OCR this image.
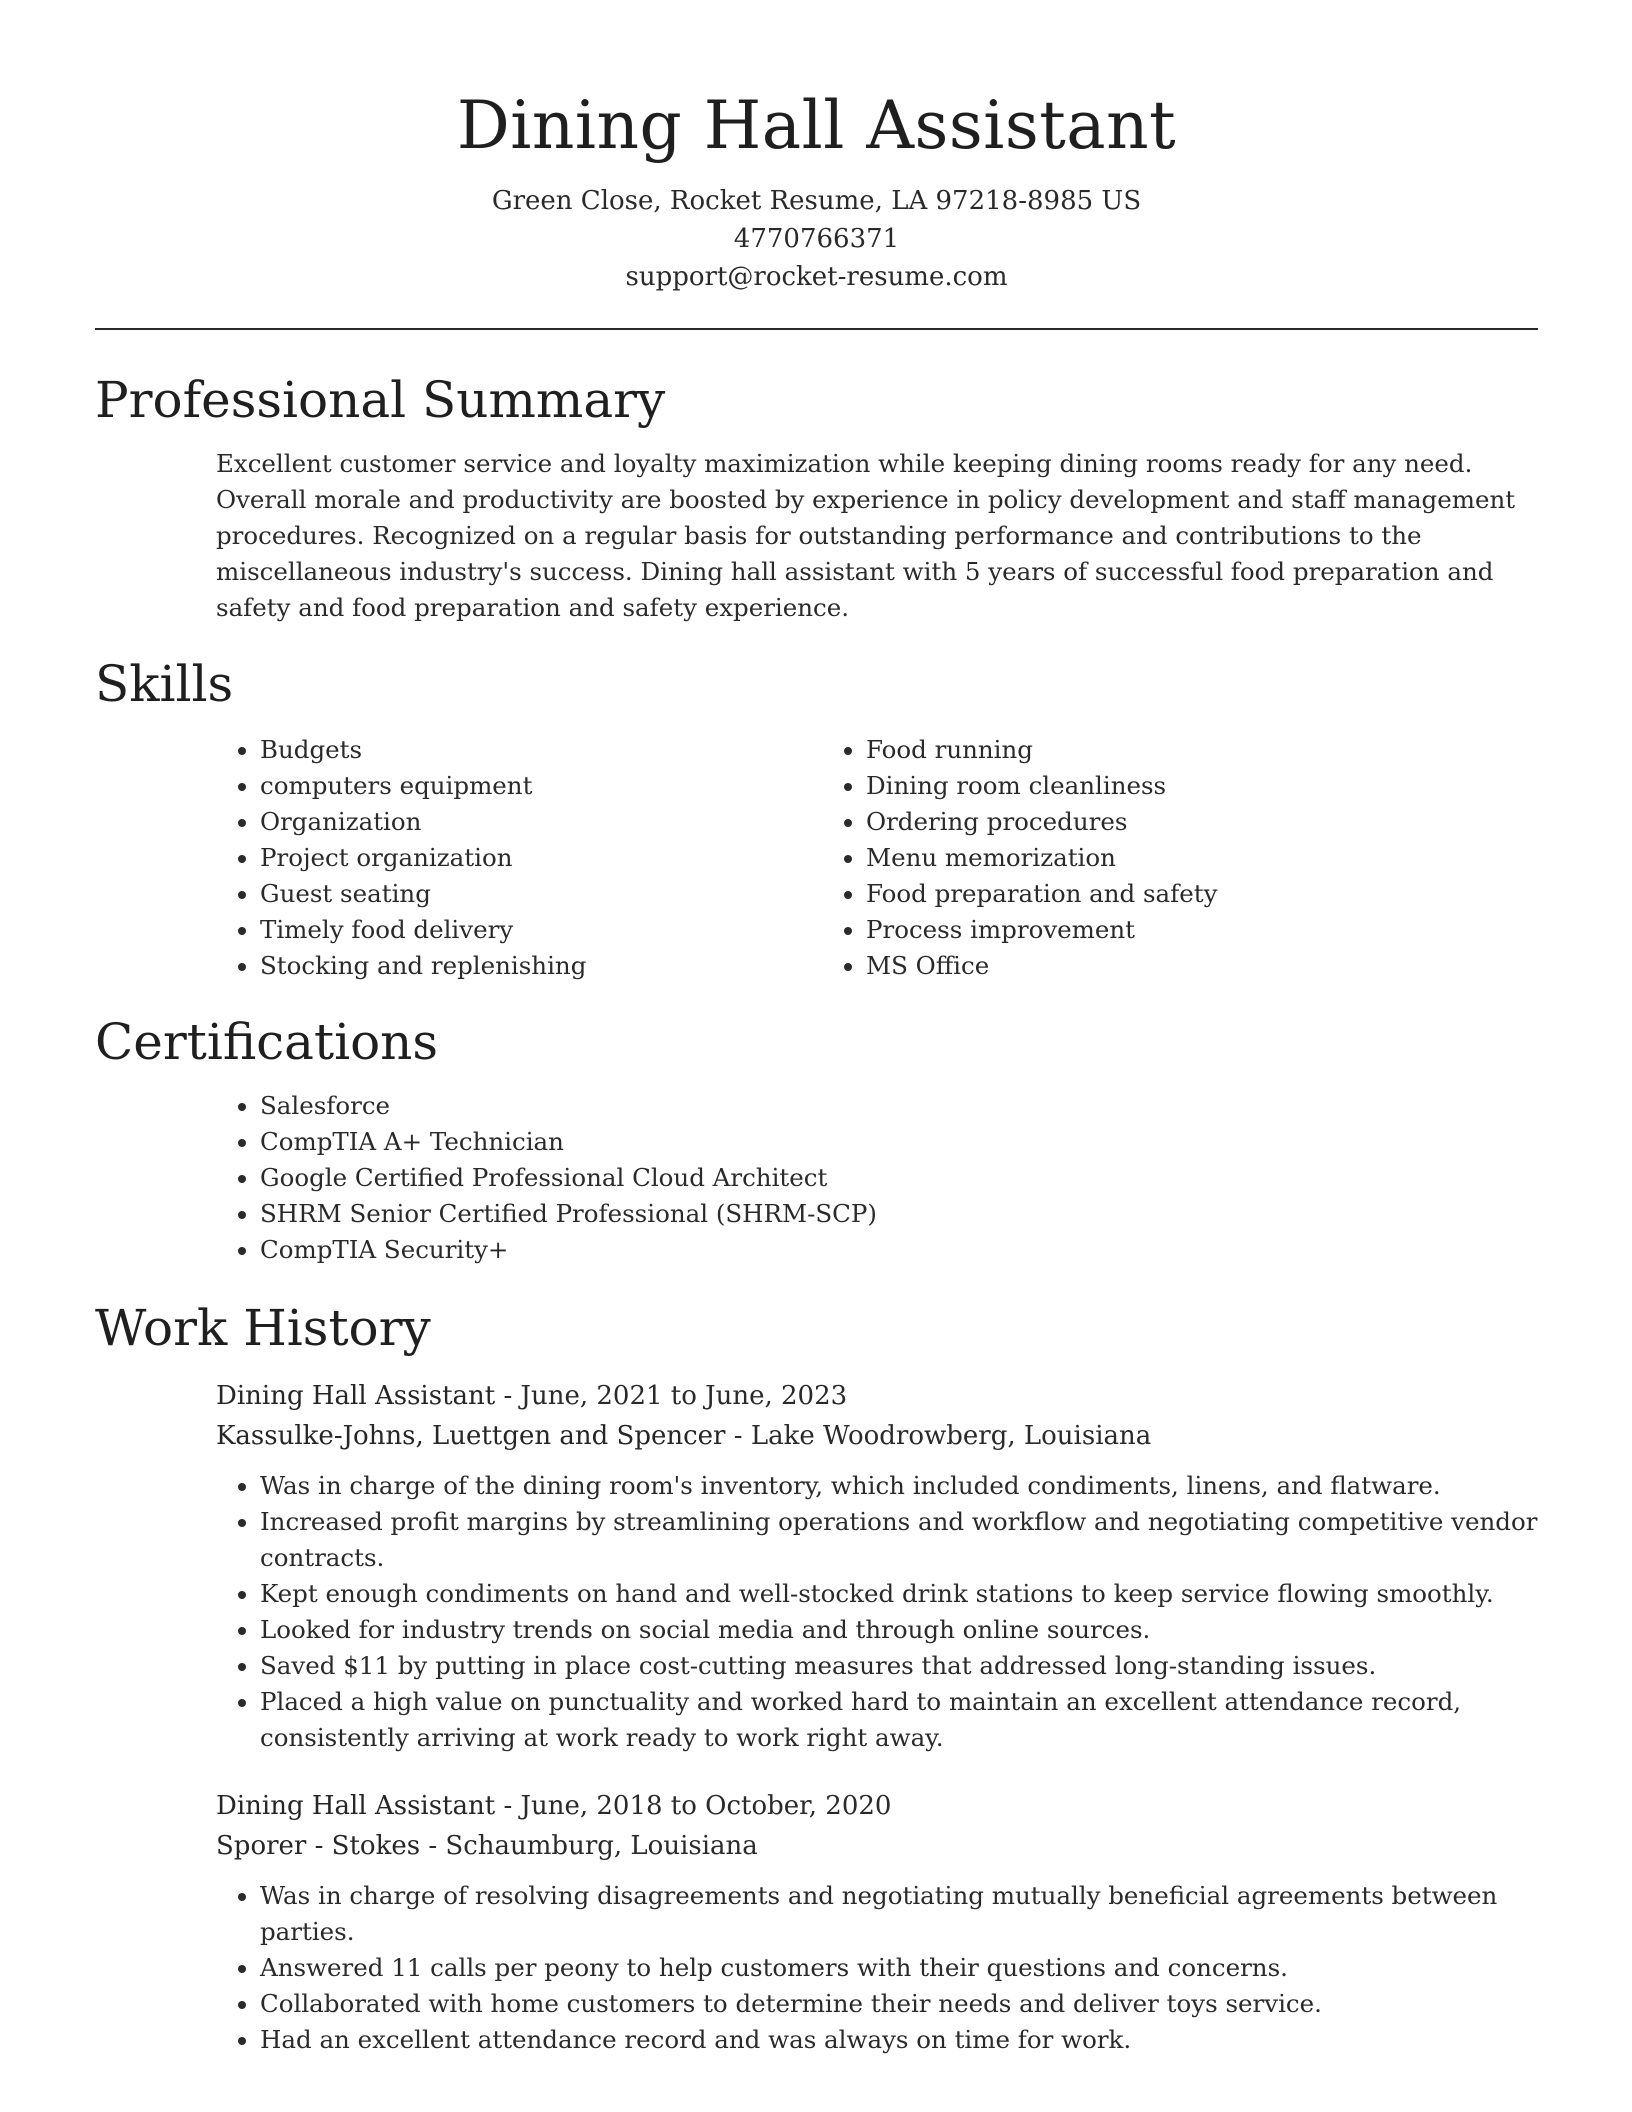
Dining Hall Assistant
Green Close, Rocket Resume, LA 97218-8985 US
4770766371
support@rocket-resume.com
Professional Summary
Excellent customer service and loyalty maximization while keeping dining rooms ready for any need. Overall morale and productivity are boosted by experience in policy development and staff management procedures. Recognized on a regular basis for outstanding performance and contributions to the miscellaneous industry's success. Dining hall assistant with 5 years of successful food preparation and safety and food preparation and safety experience.
Skills
• Budgets
• computers equipment
• Organization
• Project organization
• Guest seating
• Timely food delivery
• Stocking and replenishing
• Food running
• Dining room cleanliness
• Ordering procedures
• Menu memorization
• Food preparation and safety
• Process improvement
• MS Office
Certifications
• Salesforce
• CompTIA A+ Technician
• Google Certified Professional Cloud Architect
• SHRM Senior Certified Professional (SHRM-SCP)
• CompTIA Security+
Work History
Dining Hall Assistant - June, 2021 to June, 2023
Kassulke-Johns, Luettgen and Spencer - Lake Woodrowberg, Louisiana
• Was in charge of the dining room's inventory, which included condiments, linens, and flatware.
• Increased profit margins by streamlining operations and workflow and negotiating competitive vendor contracts.
• Kept enough condiments on hand and well-stocked drink stations to keep service flowing smoothly.
• Looked for industry trends on social media and through online sources.
• Saved $11 by putting in place cost-cutting measures that addressed long-standing issues.
• Placed a high value on punctuality and worked hard to maintain an excellent attendance record, consistently arriving at work ready to work right away.
Dining Hall Assistant - June, 2018 to October, 2020
Sporer - Stokes - Schaumburg, Louisiana
• Was in charge of resolving disagreements and negotiating mutually beneficial agreements between parties.
• Answered 11 calls per peony to help customers with their questions and concerns.
• Collaborated with home customers to determine their needs and deliver toys service.
• Had an excellent attendance record and was always on time for work.
